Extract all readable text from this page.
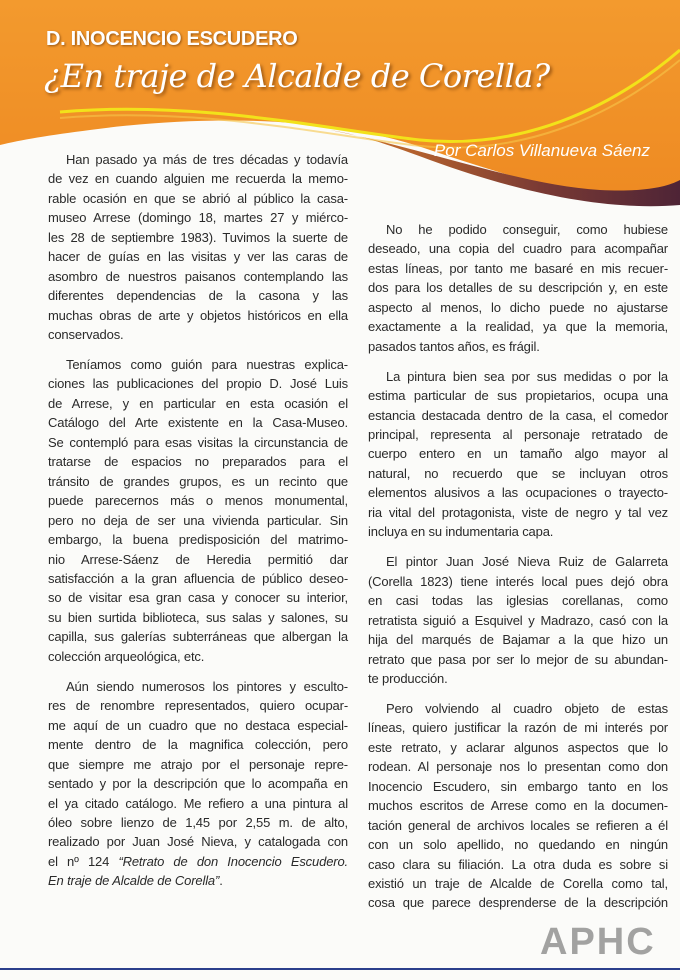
D. INOCENCIO ESCUDERO
¿En traje de Alcalde de Corella?
Por Carlos Villanueva Sáenz
Han pasado ya más de tres décadas y todavía
de vez en cuando alguien me recuerda la memo-
rable ocasión en que se abrió al público la casa-
museo Arrese (domingo 18, martes 27 y miérco-
les 28 de septiembre 1983). Tuvimos la suerte de
hacer de guías en las visitas y ver las caras de
asombro de nuestros paisanos contemplando las
diferentes dependencias de la casona y las
muchas obras de arte y objetos históricos en ella
conservados.
Teníamos como guión para nuestras explica-
ciones las publicaciones del propio D. José Luis
de Arrese, y en particular en esta ocasión el
Catálogo del Arte existente en la Casa-Museo.
Se contempló para esas visitas la circunstancia de
tratarse de espacios no preparados para el
tránsito de grandes grupos, es un recinto que
puede parecernos más o menos monumental,
pero no deja de ser una vivienda particular. Sin
embargo, la buena predisposición del matrimo-
nio Arrese-Sáenz de Heredia permitió dar
satisfacción a la gran afluencia de público deseo-
so de visitar esa gran casa y conocer su interior,
su bien surtida biblioteca, sus salas y salones, su
capilla, sus galerías subterráneas que albergan la
colección arqueológica, etc.
Aún siendo numerosos los pintores y esculto-
res de renombre representados, quiero ocupar-
me aquí de un cuadro que no destaca especial-
mente dentro de la magnifica colección, pero
que siempre me atrajo por el personaje repre-
sentado y por la descripción que lo acompaña en
el ya citado catálogo. Me refiero a una pintura al
óleo sobre lienzo de 1,45 por 2,55 m. de alto,
realizado por Juan José Nieva, y catalogada con
el nº 124 “Retrato de don Inocencio Escudero.
En traje de Alcalde de Corella”.
No he podido conseguir, como hubiese
deseado, una copia del cuadro para acompañar
estas líneas, por tanto me basaré en mis recuer-
dos para los detalles de su descripción y, en este
aspecto al menos, lo dicho puede no ajustarse
exactamente a la realidad, ya que la memoria,
pasados tantos años, es frágil.
La pintura bien sea por sus medidas o por la
estima particular de sus propietarios, ocupa una
estancia destacada dentro de la casa, el comedor
principal, representa al personaje retratado de
cuerpo entero en un tamaño algo mayor al
natural, no recuerdo que se incluyan otros
elementos alusivos a las ocupaciones o trayecto-
ria vital del protagonista, viste de negro y tal vez
incluya en su indumentaria capa.
El pintor Juan José Nieva Ruiz de Galarreta
(Corella 1823) tiene interés local pues dejó obra
en casi todas las iglesias corellanas, como
retratista siguió a Esquivel y Madrazo, casó con la
hija del marqués de Bajamar a la que hizo un
retrato que pasa por ser lo mejor de su abundan-
te producción.
Pero volviendo al cuadro objeto de estas
líneas, quiero justificar la razón de mi interés por
este retrato, y aclarar algunos aspectos que lo
rodean. Al personaje nos lo presentan como don
Inocencio Escudero, sin embargo tanto en los
muchos escritos de Arrese como en la documen-
tación general de archivos locales se refieren a él
con un solo apellido, no quedando en ningún
caso clara su filiación. La otra duda es sobre si
existió un traje de Alcalde de Corella como tal,
cosa que parece desprenderse de la descripción
APHC
